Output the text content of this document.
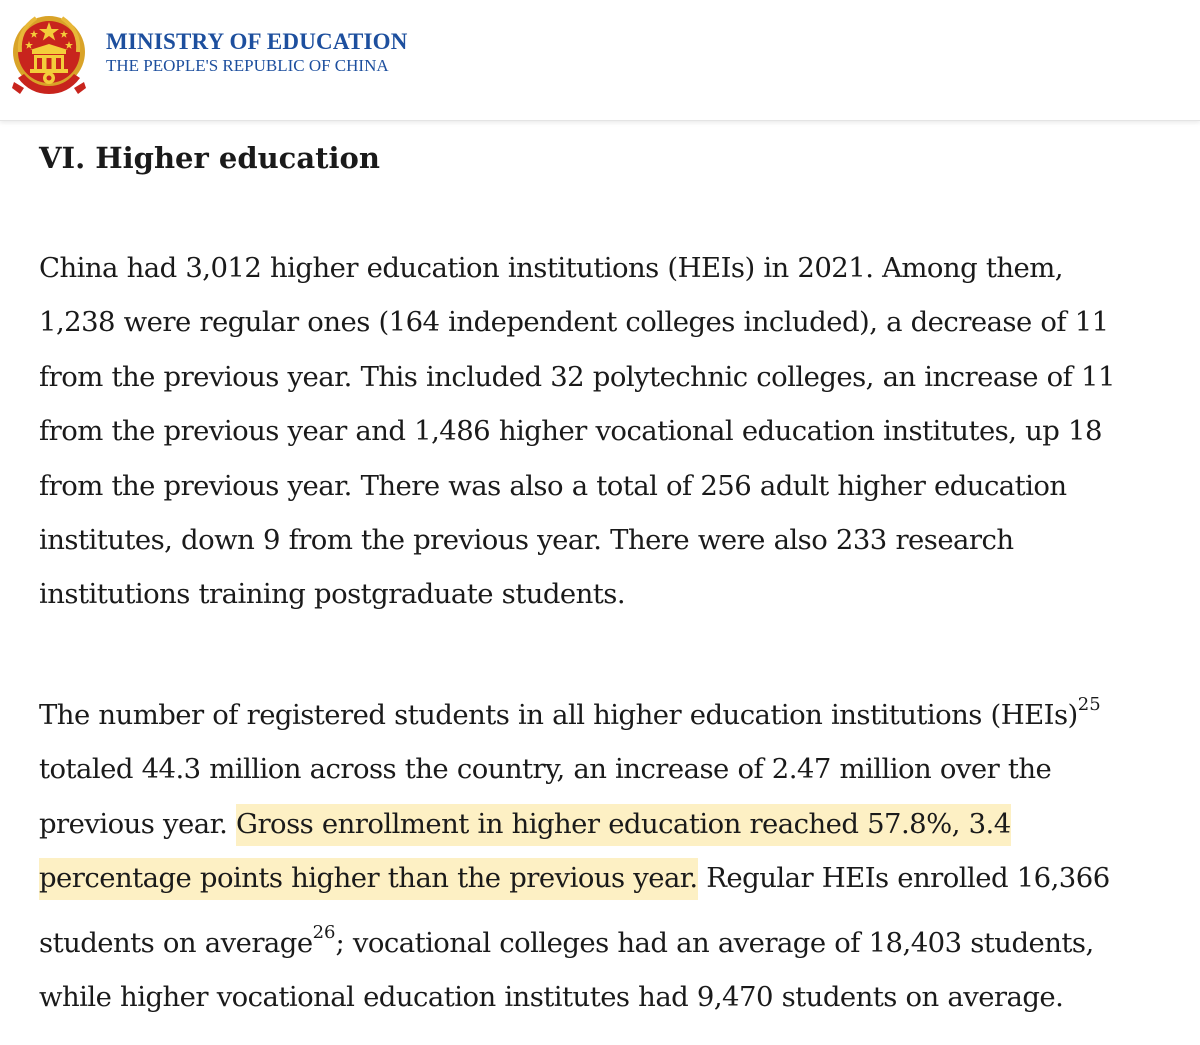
MINISTRY OF EDUCATION
THE PEOPLE'S REPUBLIC OF CHINA
VI. Higher education

China had 3,012 higher education institutions (HEIs) in 2021. Among them,
1,238 were regular ones (164 independent colleges included), a decrease of 11
from the previous year. This included 32 polytechnic colleges, an increase of 11
from the previous year and 1,486 higher vocational education institutes, up 18
from the previous year. There was also a total of 256 adult higher education
institutes, down 9 from the previous year. There were also 233 research
institutions training postgraduate students.

The number of registered students in all higher education institutions (HEIs)$^{25}$
totaled 44.3 million across the country, an increase of 2.47 million over the
previous year. Gross enrollment in higher education reached 57.8%, 3.4
percentage points higher than the previous year. Regular HEIs enrolled 16,366
students on average$^{26}$; vocational colleges had an average of 18,403 students,
while higher vocational education institutes had 9,470 students on average.
